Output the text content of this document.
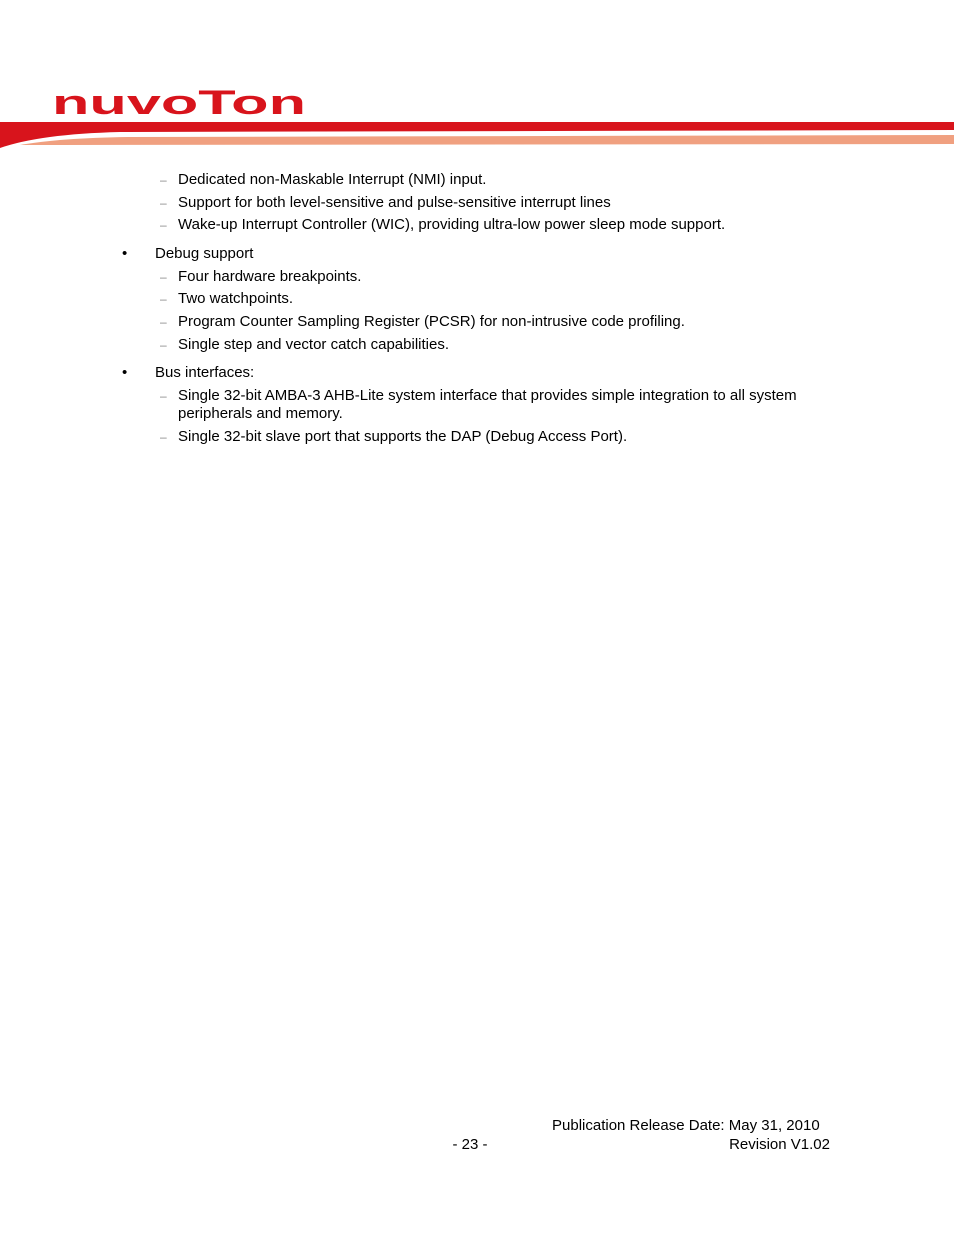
nuvoTon
– Dedicated non-Maskable Interrupt (NMI) input.
– Support for both level-sensitive and pulse-sensitive interrupt lines
– Wake-up Interrupt Controller (WIC), providing ultra-low power sleep mode support.
•	Debug support
– Four hardware breakpoints.
– Two watchpoints.
– Program Counter Sampling Register (PCSR) for non-intrusive code profiling.
– Single step and vector catch capabilities.
•	Bus interfaces:
– Single 32-bit AMBA-3 AHB-Lite system interface that provides simple integration to all system peripherals and memory.
– Single 32-bit slave port that supports the DAP (Debug Access Port).
Publication Release Date: May 31, 2010
- 23 -	Revision V1.02
